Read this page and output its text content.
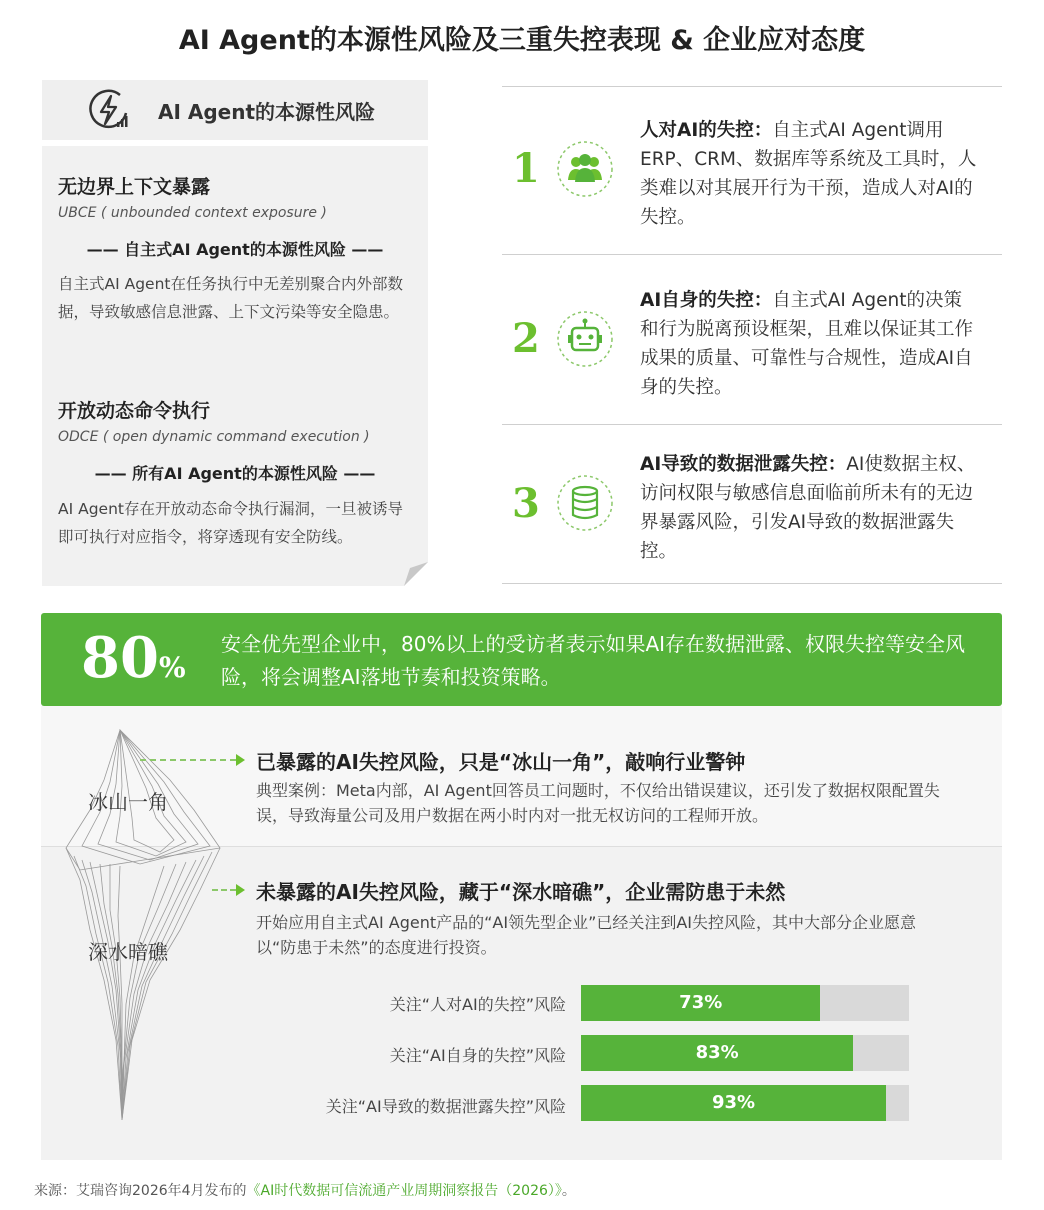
AI Agent的本源性风险及三重失控表现 & 企业应对态度
AI Agent的本源性风险
无边界上下文暴露
UBCE ( unbounded context exposure )
—— 自主式AI Agent的本源性风险 ——
自主式AI Agent在任务执行中无差别聚合内外部数据，导致敏感信息泄露、上下文污染等安全隐患。
开放动态命令执行
ODCE ( open dynamic command execution )
—— 所有AI Agent的本源性风险 ——
AI Agent存在开放动态命令执行漏洞，一旦被诱导即可执行对应指令，将穿透现有安全防线。
1
人对AI的失控：自主式AI Agent调用ERP、CRM、数据库等系统及工具时，人类难以对其展开行为干预，造成人对AI的失控。
2
AI自身的失控：自主式AI Agent的决策和行为脱离预设框架，且难以保证其工作成果的质量、可靠性与合规性，造成AI自身的失控。
3
AI导致的数据泄露失控：AI使数据主权、访问权限与敏感信息面临前所未有的无边界暴露风险，引发AI导致的数据泄露失控。
80%
安全优先型企业中，80%以上的受访者表示如果AI存在数据泄露、权限失控等安全风险，将会调整AI落地节奏和投资策略。
冰山一角
深水暗礁
已暴露的AI失控风险，只是“冰山一角”，敲响行业警钟
典型案例：Meta内部，AI Agent回答员工问题时，不仅给出错误建议，还引发了数据权限配置失误，导致海量公司及用户数据在两小时内对一批无权访问的工程师开放。
未暴露的AI失控风险，藏于“深水暗礁”，企业需防患于未然
开始应用自主式AI Agent产品的“AI领先型企业”已经关注到AI失控风险，其中大部分企业愿意以“防患于未然”的态度进行投资。
关注“人对AI的失控”风险	73%
关注“AI自身的失控”风险	83%
关注“AI导致的数据泄露失控”风险	93%
来源：艾瑞咨询2026年4月发布的《AI时代数据可信流通产业周期洞察报告（2026）》。
